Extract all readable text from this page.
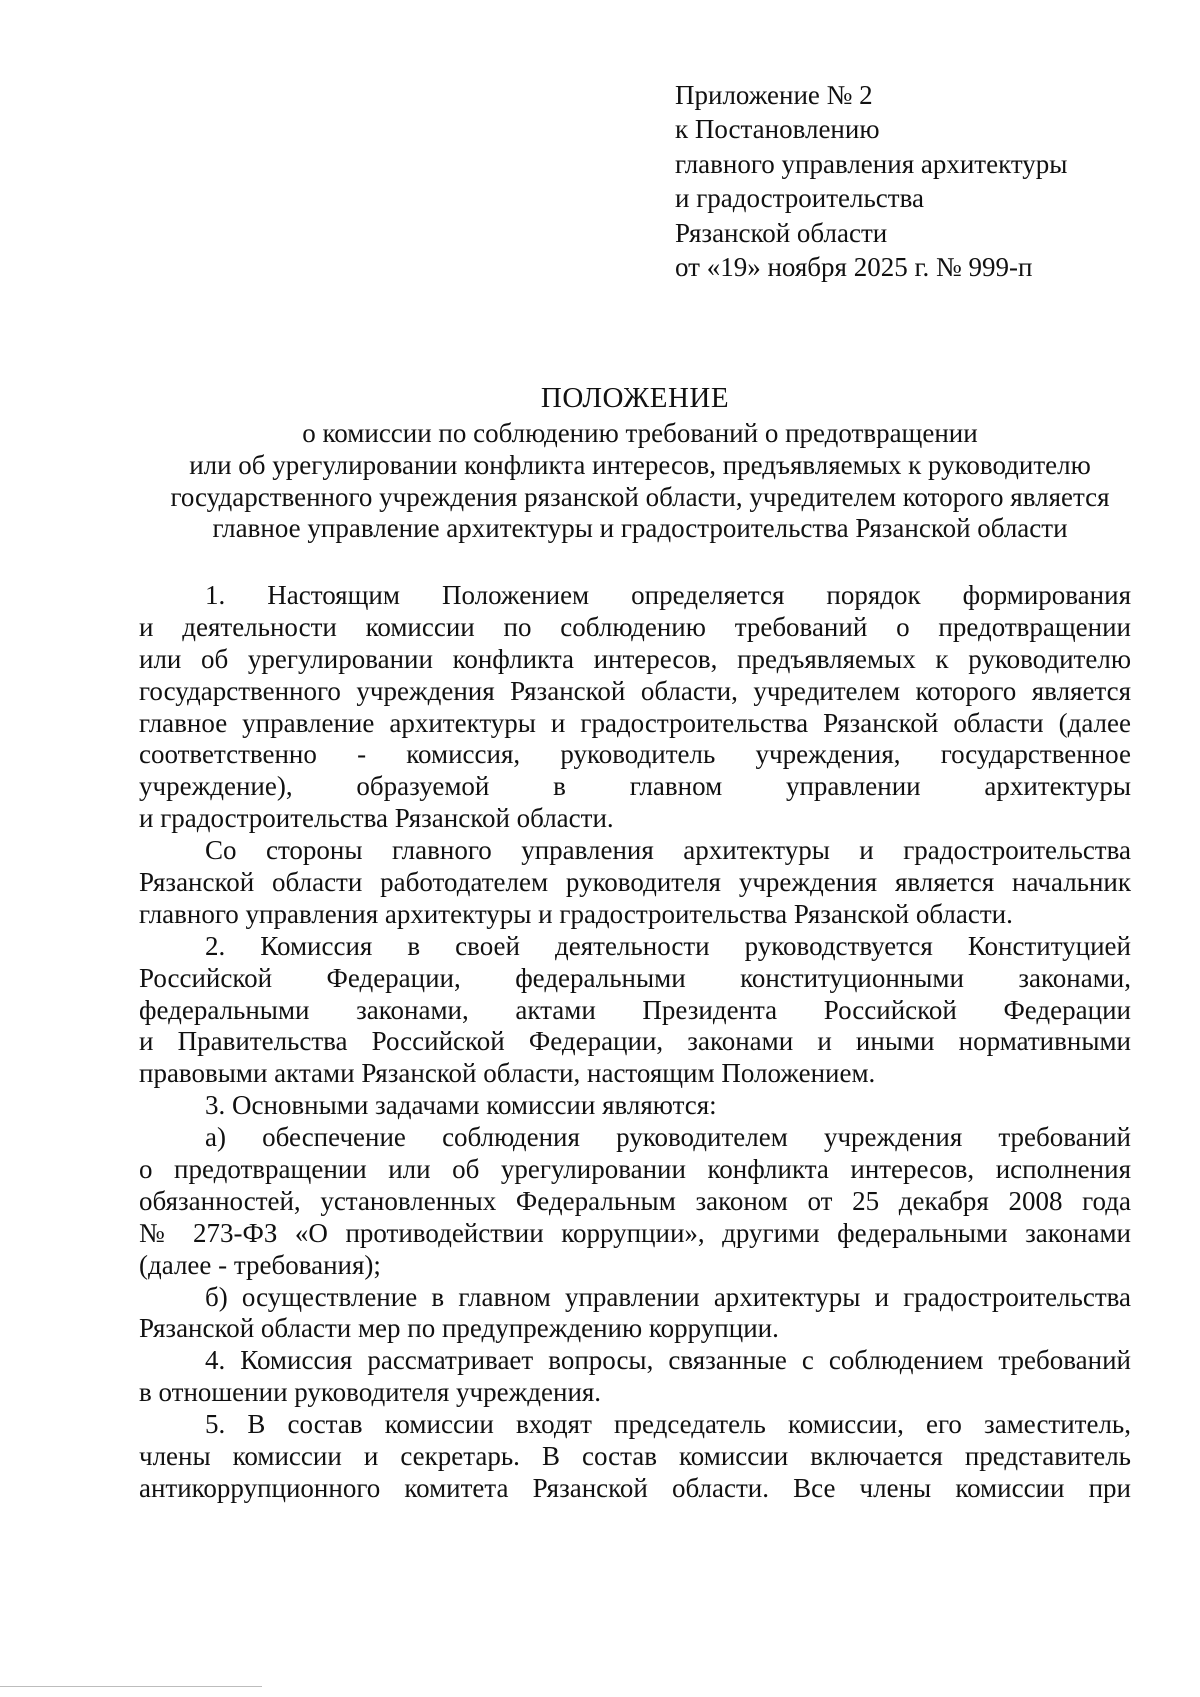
Приложение № 2
к Постановлению
главного управления архитектуры
и градостроительства
Рязанской области
от «19» ноября 2025 г. № 999-п
ПОЛОЖЕНИЕ
о комиссии по соблюдению требований о предотвращении
или об урегулировании конфликта интересов, предъявляемых к руководителю
государственного учреждения рязанской области, учредителем которого является
главное управление архитектуры и градостроительства Рязанской области
1. Настоящим Положением определяется порядок формирования
и деятельности комиссии по соблюдению требований о предотвращении
или об урегулировании конфликта интересов, предъявляемых к руководителю
государственного учреждения Рязанской области, учредителем которого является
главное управление архитектуры и градостроительства Рязанской области (далее
соответственно - комиссия, руководитель учреждения, государственное
учреждение), образуемой в главном управлении архитектуры
и градостроительства Рязанской области.
Со стороны главного управления архитектуры и градостроительства
Рязанской области работодателем руководителя учреждения является начальник
главного управления архитектуры и градостроительства Рязанской области.
2. Комиссия в своей деятельности руководствуется Конституцией
Российской Федерации, федеральными конституционными законами,
федеральными законами, актами Президента Российской Федерации
и Правительства Российской Федерации, законами и иными нормативными
правовыми актами Рязанской области, настоящим Положением.
3. Основными задачами комиссии являются:
а) обеспечение соблюдения руководителем учреждения требований
о предотвращении или об урегулировании конфликта интересов, исполнения
обязанностей, установленных Федеральным законом от 25 декабря 2008 года
№ 273-ФЗ «О противодействии коррупции», другими федеральными законами
(далее - требования);
б) осуществление в главном управлении архитектуры и градостроительства
Рязанской области мер по предупреждению коррупции.
4. Комиссия рассматривает вопросы, связанные с соблюдением требований
в отношении руководителя учреждения.
5. В состав комиссии входят председатель комиссии, его заместитель,
члены комиссии и секретарь. В состав комиссии включается представитель
антикоррупционного комитета Рязанской области. Все члены комиссии при
